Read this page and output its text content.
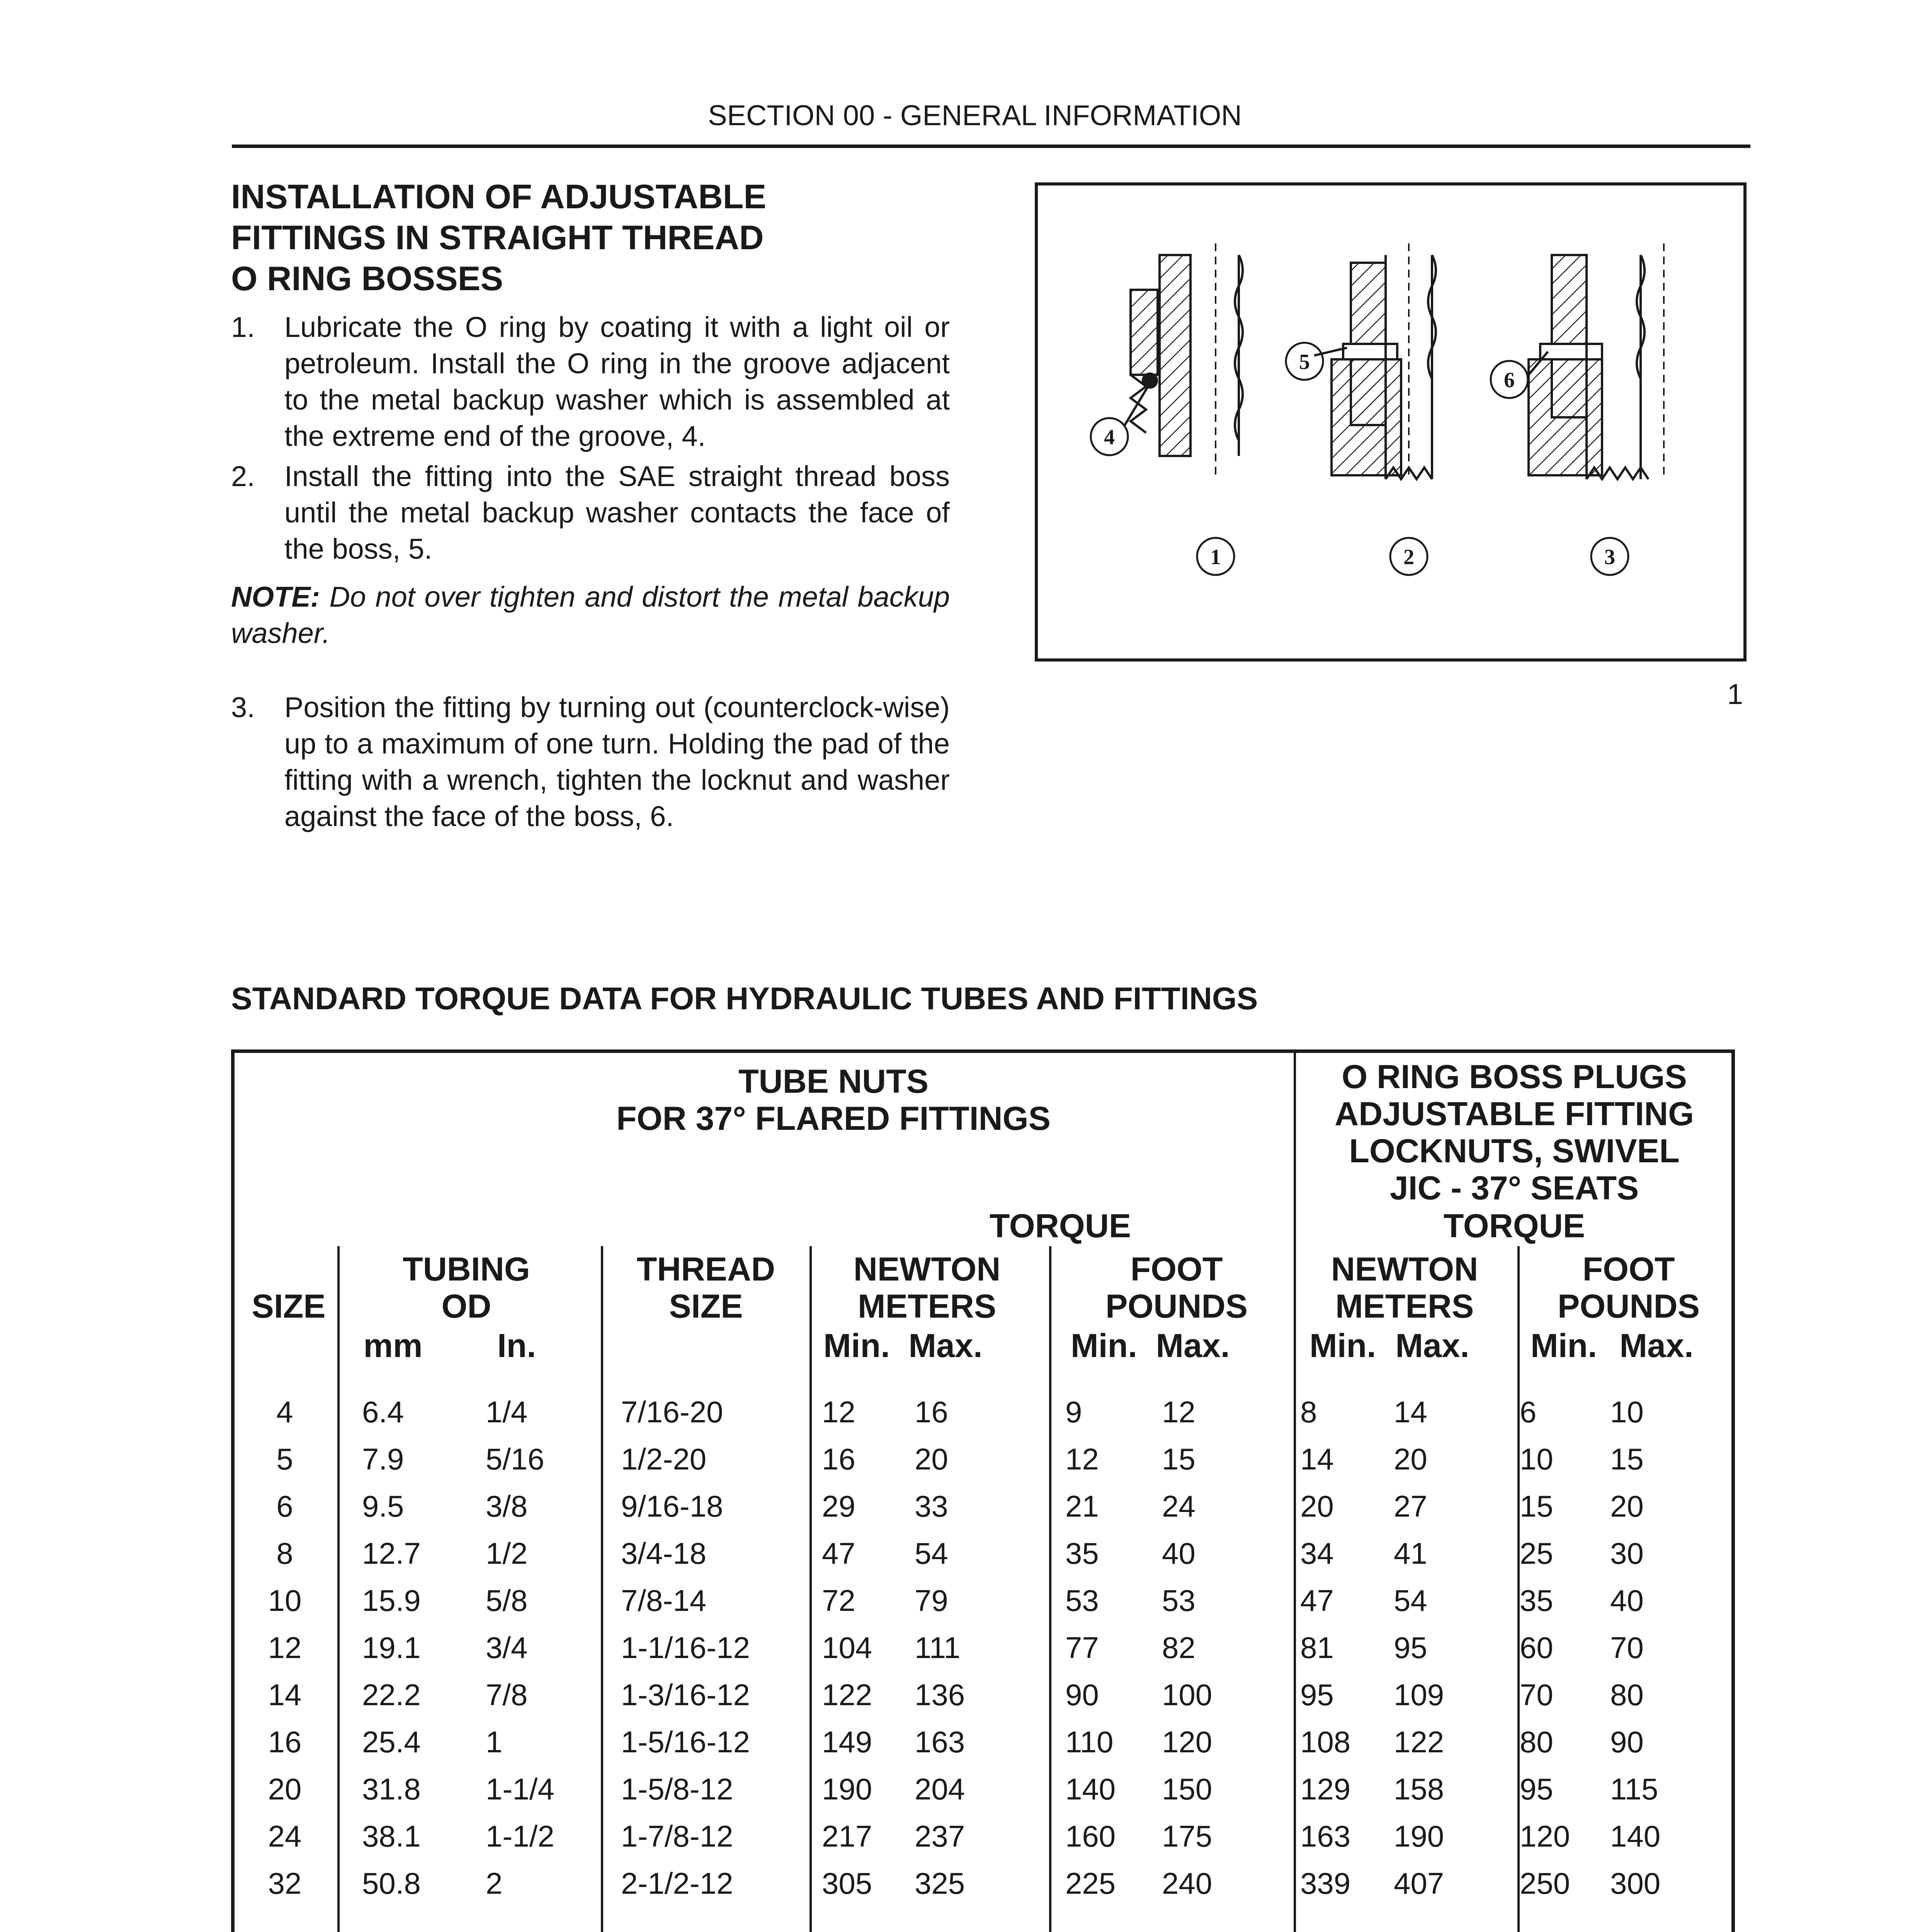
SECTION 00 - GENERAL INFORMATION
INSTALLATION OF ADJUSTABLE
FITTINGS IN STRAIGHT THREAD
O RING BOSSES
1. Lubricate the O ring by coating it with a light oil or petroleum. Install the O ring in the groove adjacent to the metal backup washer which is assembled at the extreme end of the groove, 4.
2. Install the fitting into the SAE straight thread boss until the metal backup washer contacts the face of the boss, 5.
NOTE: Do not over tighten and distort the metal backup washer.
3. Position the fitting by turning out (counterclock-wise) up to a maximum of one turn. Holding the pad of the fitting with a wrench, tighten the locknut and washer against the face of the boss, 6.
1	2	3
4
5
6
1
STANDARD TORQUE DATA FOR HYDRAULIC TUBES AND FITTINGS
TUBE NUTS
FOR 37° FLARED FITTINGS
O RING BOSS PLUGS
ADJUSTABLE FITTING
LOCKNUTS, SWIVEL
JIC - 37° SEATS
TORQUE	TORQUE
SIZE
TUBING
OD
mm	In.
THREAD
SIZE
NEWTON
METERS
Min. Max.
FOOT
POUNDS
Min. Max.
NEWTON
METERS
Min. Max.
FOOT
POUNDS
Min. Max.
4	6.4	1/4	7/16-20	12 16	9	12	8	14	6 10
5	7.9	5/16	1/2-20	16 20	12 15	14 20	10 15
6	9.5	3/8	9/16-18	29 33	21 24	20 27	15 20
8	12.7 1/2	3/4-18	47 54	35 40	34 41	25 30
10	15.9 5/8	7/8-14	72 79	53 53	47 54	35 40
12	19.1 3/4	1-1/16-12 104 111	77 82	81 95	60 70
14	22.2 7/8	1-3/16-12 122 136	90 100	95 109	70 80
16	25.4 1	1-5/16-12 149 163	110 120	108 122	80 90
20	31.8 1-1/4 1-5/8-12	190 204	140 150	129 158	95 115
24	38.1 1-1/2 1-7/8-12	217 237	160 175	163 190	120 140
32	50.8 2	2-1/2-12	305 325	225 240	339 407	250 300
